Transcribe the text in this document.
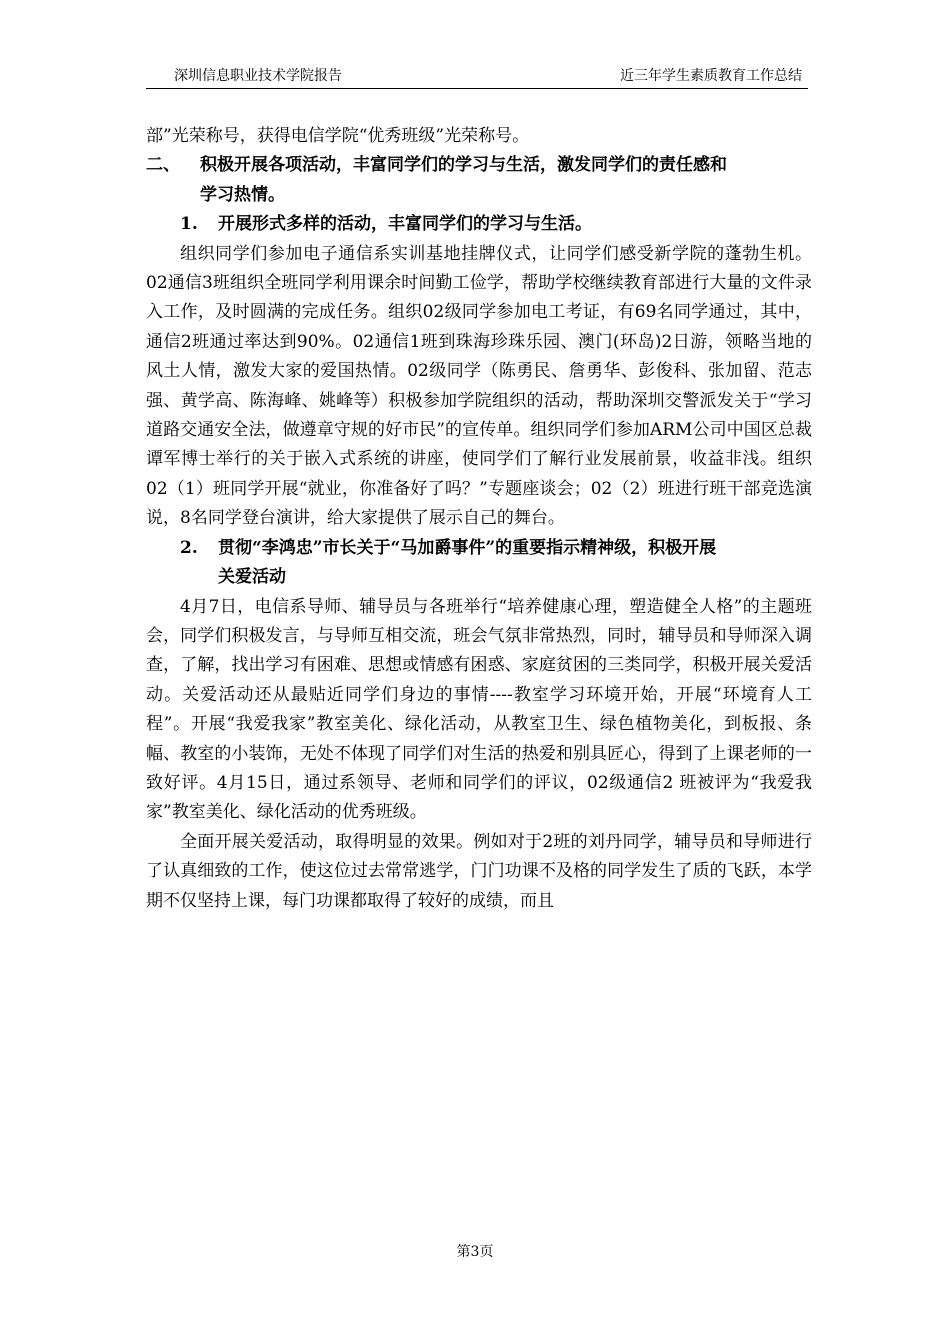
深圳信息职业技术学院报告	近三年学生素质教育工作总结

部”光荣称号，获得电信学院“优秀班级”光荣称号。

二、	积极开展各项活动，丰富同学们的学习与生活，激发同学们的责任感和
学习热情。
1.	开展形式多样的活动，丰富同学们的学习与生活。

组织同学们参加电子通信系实训基地挂牌仪式，让同学们感受新学院的蓬勃生机。02通信3班组织全班同学利用课余时间勤工俭学，帮助学校继续教育部进行大量的文件录入工作，及时圆满的完成任务。组织02级同学参加电工考证，有69名同学通过，其中，通信2班通过率达到90%。02通信1班到珠海珍珠乐园、澳门(环岛)2日游，领略当地的风土人情，激发大家的爱国热情。02级同学（陈勇民、詹勇华、彭俊科、张加留、范志强、黄学高、陈海峰、姚峰等）积极参加学院组织的活动，帮助深圳交警派发关于“学习道路交通安全法，做遵章守规的好市民”的宣传单。组织同学们参加ARM公司中国区总裁谭军博士举行的关于嵌入式系统的讲座，使同学们了解行业发展前景，收益非浅。组织02（1）班同学开展“就业，你准备好了吗？”专题座谈会；02（2）班进行班干部竞选演说，8名同学登台演讲，给大家提供了展示自己的舞台。

2.	贯彻“李鸿忠”市长关于“马加爵事件”的重要指示精神级，积极开展
关爱活动

4月7日，电信系导师、辅导员与各班举行“培养健康心理，塑造健全人格”的主题班会，同学们积极发言，与导师互相交流，班会气氛非常热烈，同时，辅导员和导师深入调查，了解，找出学习有困难、思想或情感有困惑、家庭贫困的三类同学，积极开展关爱活动。关爱活动还从最贴近同学们身边的事情----教室学习环境开始，开展“环境育人工程”。开展“我爱我家”教室美化、绿化活动，从教室卫生、绿色植物美化，到板报、条幅、教室的小装饰，无处不体现了同学们对生活的热爱和别具匠心，得到了上课老师的一致好评。4月15日，通过系领导、老师和同学们的评议，02级通信2 班被评为“我爱我家”教室美化、绿化活动的优秀班级。

全面开展关爱活动，取得明显的效果。例如对于2班的刘丹同学，辅导员和导师进行了认真细致的工作，使这位过去常常逃学，门门功课不及格的同学发生了质的飞跃，本学期不仅坚持上课，每门功课都取得了较好的成绩，而且

第3页
